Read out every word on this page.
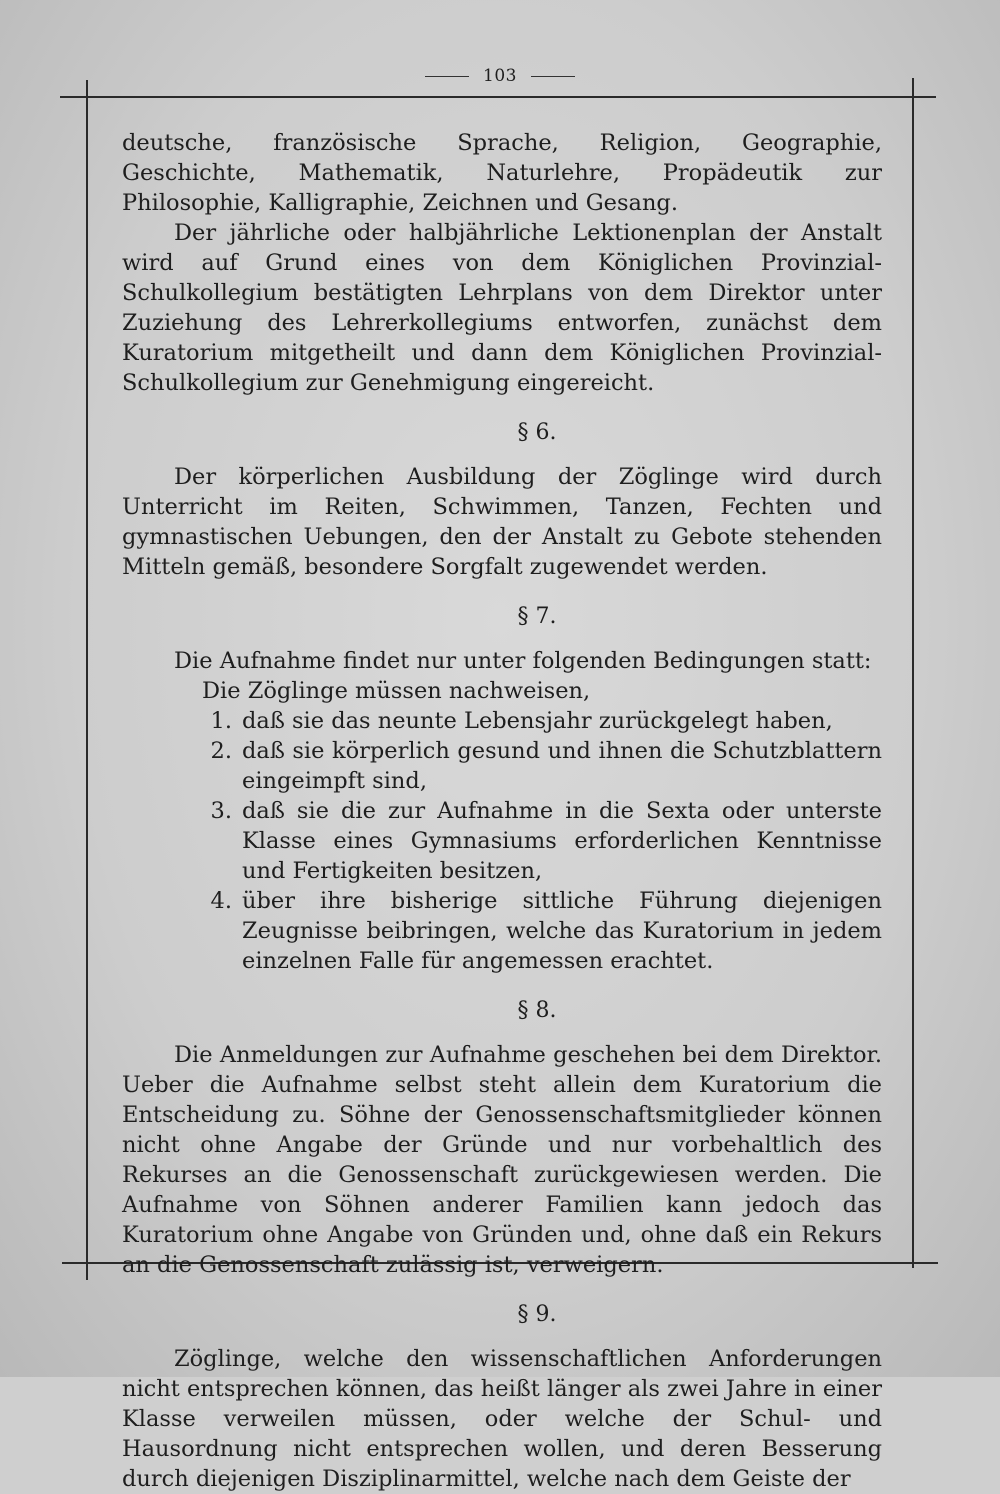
103

deutsche, französische Sprache, Religion, Geographie, Geschichte, Mathematik, Naturlehre, Propädeutik zur Philosophie, Kalligraphie, Zeichnen und Gesang.

Der jährliche oder halbjährliche Lektionenplan der Anstalt wird auf Grund eines von dem Königlichen Provinzial-Schulkollegium bestätigten Lehrplans von dem Direktor unter Zuziehung des Lehrerkollegiums entworfen, zunächst dem Kuratorium mitgetheilt und dann dem Königlichen Provinzial-Schulkollegium zur Genehmigung eingereicht.

§ 6.

Der körperlichen Ausbildung der Zöglinge wird durch Unterricht im Reiten, Schwimmen, Tanzen, Fechten und gymnastischen Uebungen, den der Anstalt zu Gebote stehenden Mitteln gemäß, besondere Sorgfalt zugewendet werden.

§ 7.

Die Aufnahme findet nur unter folgenden Bedingungen statt:

Die Zöglinge müssen nachweisen,

1. daß sie das neunte Lebensjahr zurückgelegt haben,
2. daß sie körperlich gesund und ihnen die Schutzblattern eingeimpft sind,
3. daß sie die zur Aufnahme in die Sexta oder unterste Klasse eines Gymnasiums erforderlichen Kenntnisse und Fertigkeiten besitzen,
4. über ihre bisherige sittliche Führung diejenigen Zeugnisse beibringen, welche das Kuratorium in jedem einzelnen Falle für angemessen erachtet.
§ 8.

Die Anmeldungen zur Aufnahme geschehen bei dem Direktor. Ueber die Aufnahme selbst steht allein dem Kuratorium die Entscheidung zu. Söhne der Genossenschaftsmitglieder können nicht ohne Angabe der Gründe und nur vorbehaltlich des Rekurses an die Genossenschaft zurückgewiesen werden. Die Aufnahme von Söhnen anderer Familien kann jedoch das Kuratorium ohne Angabe von Gründen und, ohne daß ein Rekurs an die Genossenschaft zulässig ist, verweigern.

§ 9.

Zöglinge, welche den wissenschaftlichen Anforderungen nicht entsprechen können, das heißt länger als zwei Jahre in einer Klasse verweilen müssen, oder welche der Schul- und Hausordnung nicht entsprechen wollen, und deren Besserung durch diejenigen Disziplinarmittel, welche nach dem Geiste der
